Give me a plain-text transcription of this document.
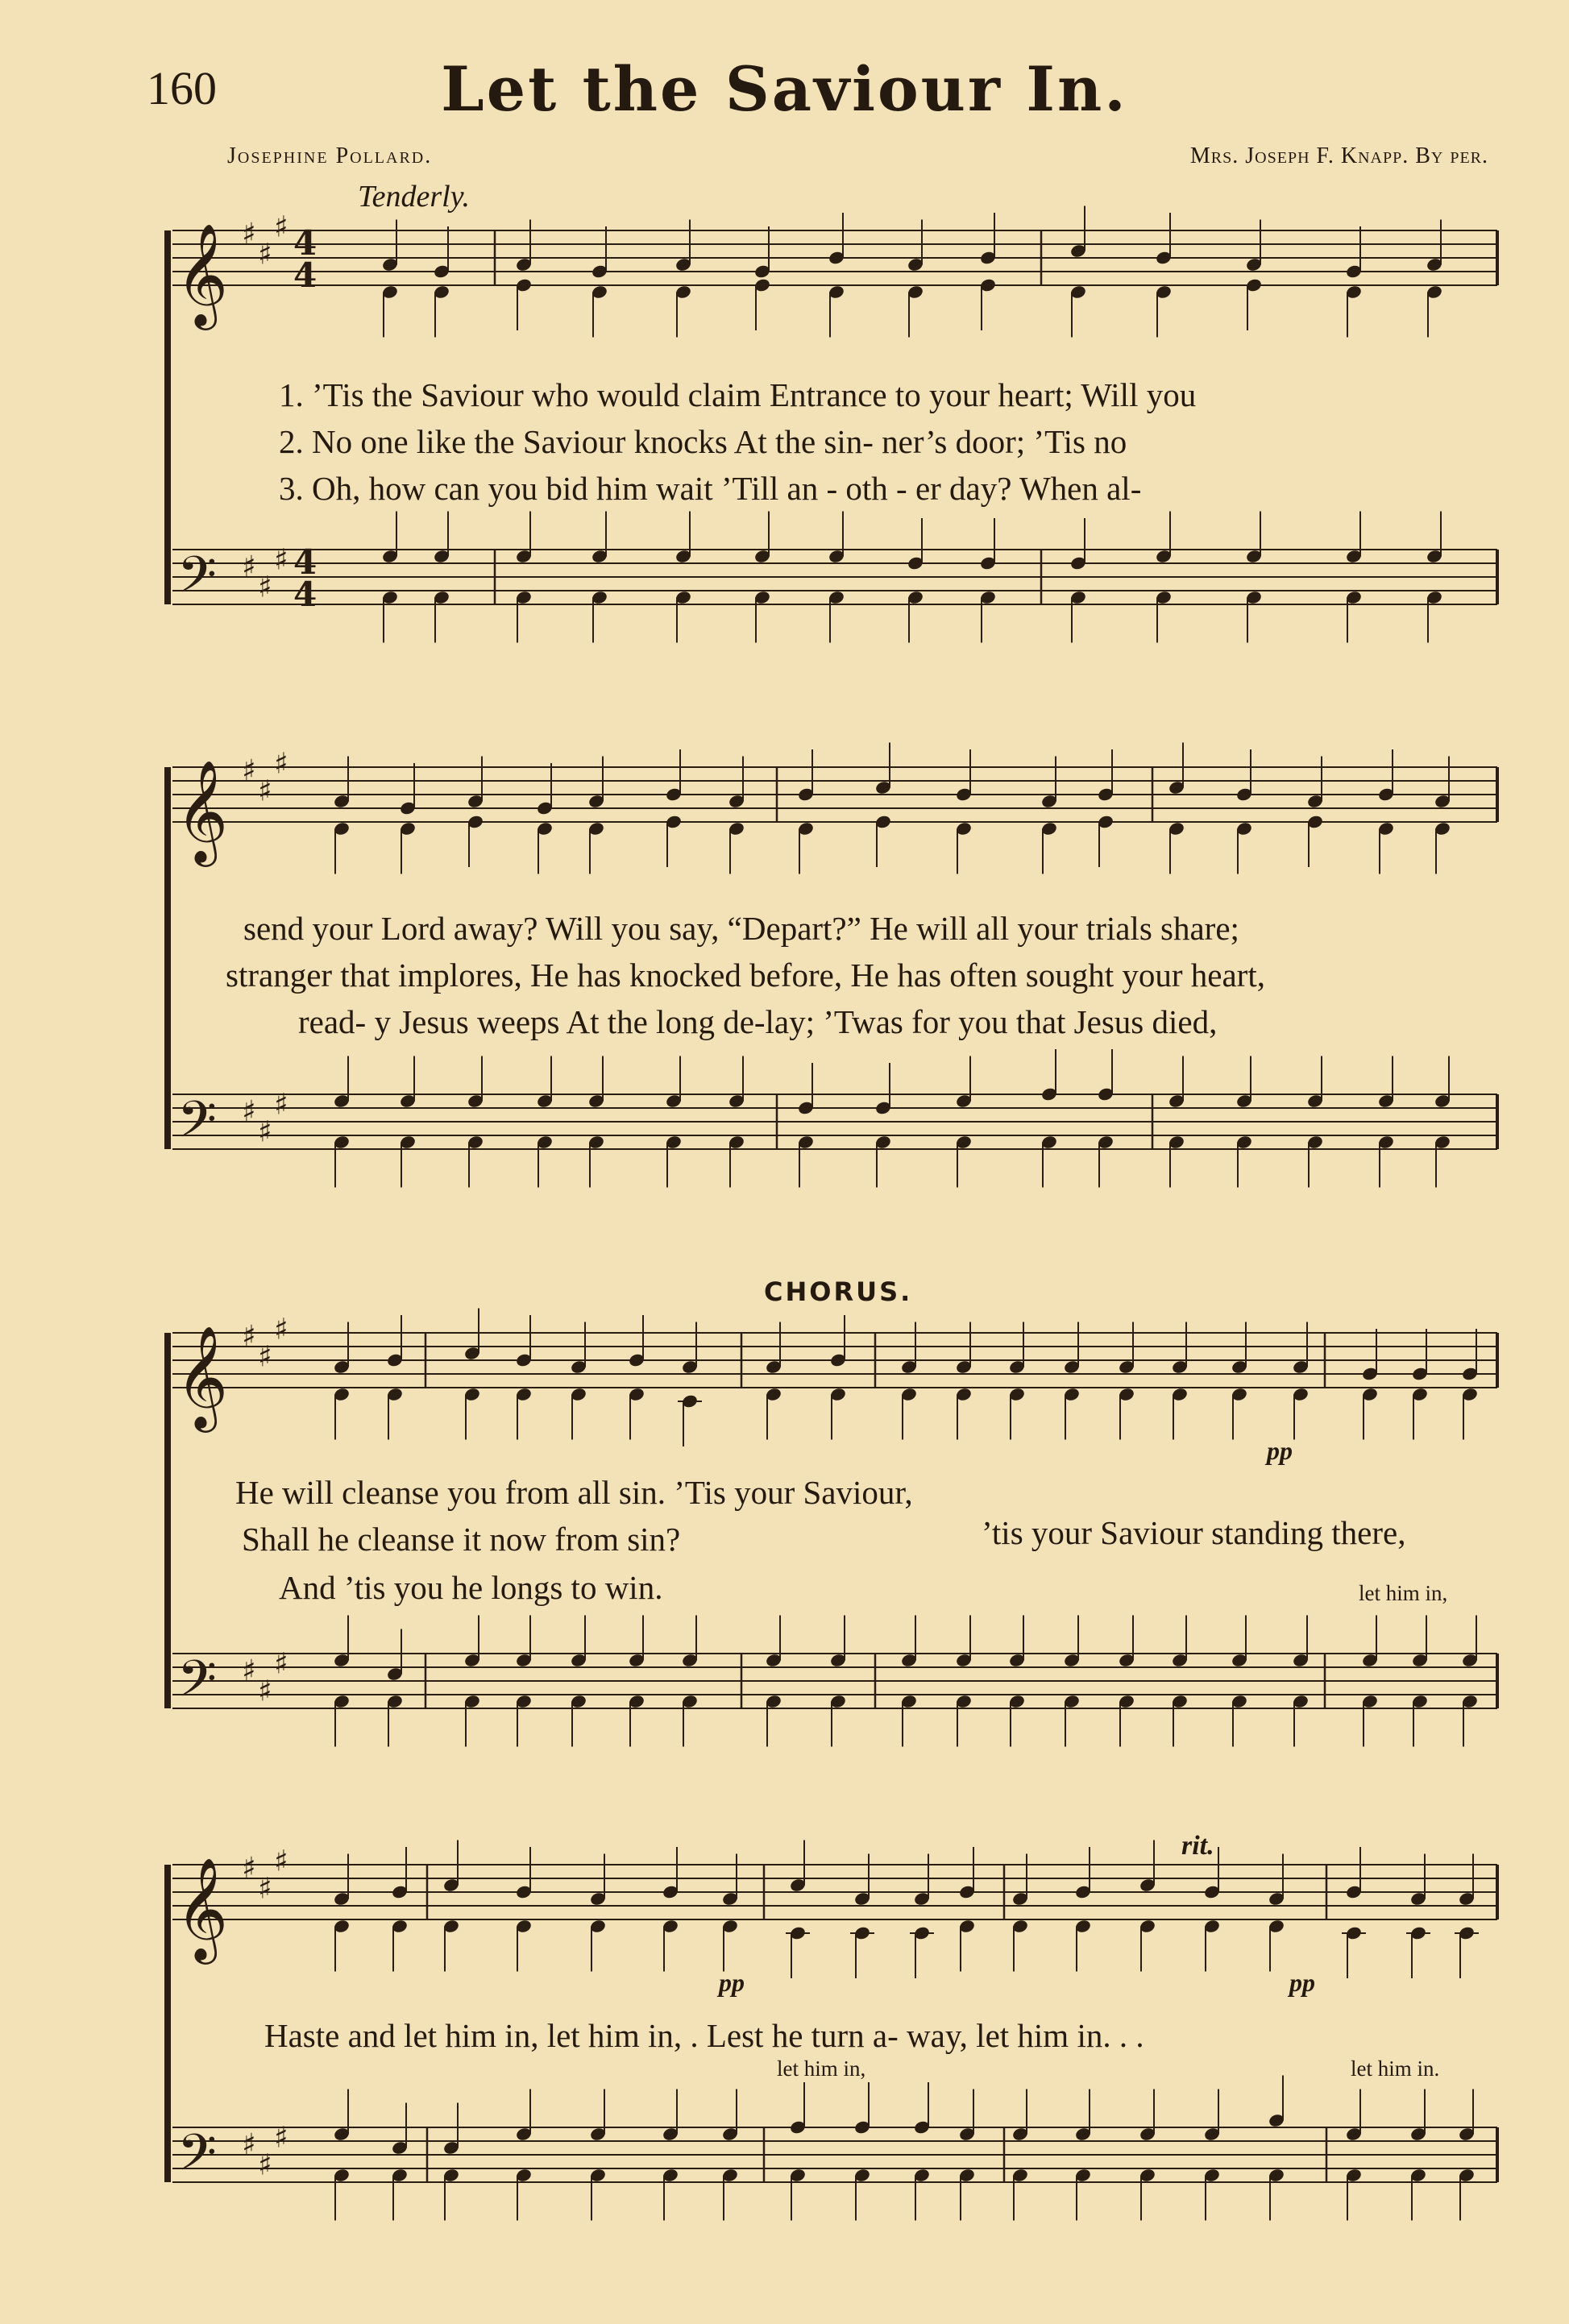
160	Let the Saviour In.
Josephine Pollard.	Mrs. Joseph F. Knapp. By per.
Tenderly.
𝄞 ♯
♯
♯ 4
4
𝄢 ♯
♯
♯ 4
4
𝄞 ♯
♯
♯
𝄢 ♯
♯
♯
𝄞 ♯
♯
♯
𝄢 ♯
♯
♯
𝄞 ♯
♯
♯
𝄢 ♯
♯
♯
1. ’Tis the Saviour who would claim Entrance to your heart; Will you
2. No one like the Saviour knocks At the sin- ner’s door; ’Tis no
3. Oh, how can you bid him wait ’Till an - oth - er day? When al-
send your Lord away? Will you say, “Depart?” He will all your trials share;
stranger that implores, He has knocked before, He has often sought your heart,
read- y Jesus weeps At the long de-lay; ’Twas for you that Jesus died,
CHORUS.
He will cleanse you from all sin. ’Tis your Saviour,
Shall he cleanse it now from sin?
And ’tis you he longs to win.
’tis your Saviour standing there,
let him in,
Haste and let him in, let him in, . Lest he turn a- way, let him in. . .
let him in,	let him in.
pp
pp	pp
rit.
